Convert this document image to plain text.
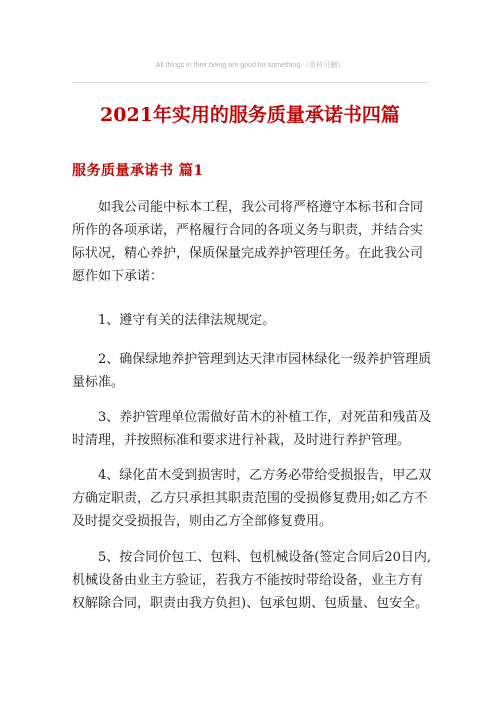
All things in their being are good for something.（资料可删）
2021年实用的服务质量承诺书四篇
服务质量承诺书 篇1
如我公司能中标本工程，我公司将严格遵守本标书和合同
所作的各项承诺，严格履行合同的各项义务与职责，并结合实
际状况，精心养护，保质保量完成养护管理任务。在此我公司
愿作如下承诺：
1、遵守有关的法律法规规定。
2、确保绿地养护管理到达天津市园林绿化一级养护管理质
量标准。
3、养护管理单位需做好苗木的补植工作，对死苗和残苗及
时清理，并按照标准和要求进行补栽，及时进行养护管理。
4、绿化苗木受到损害时，乙方务必带给受损报告，甲乙双
方确定职责，乙方只承担其职责范围的受损修复费用;如乙方不
及时提交受损报告，则由乙方全部修复费用。
5、按合同价包工、包料、包机械设备(签定合同后20日内,
机械设备由业主方验证，若我方不能按时带给设备，业主方有
权解除合同，职责由我方负担)、包承包期、包质量、包安全。
